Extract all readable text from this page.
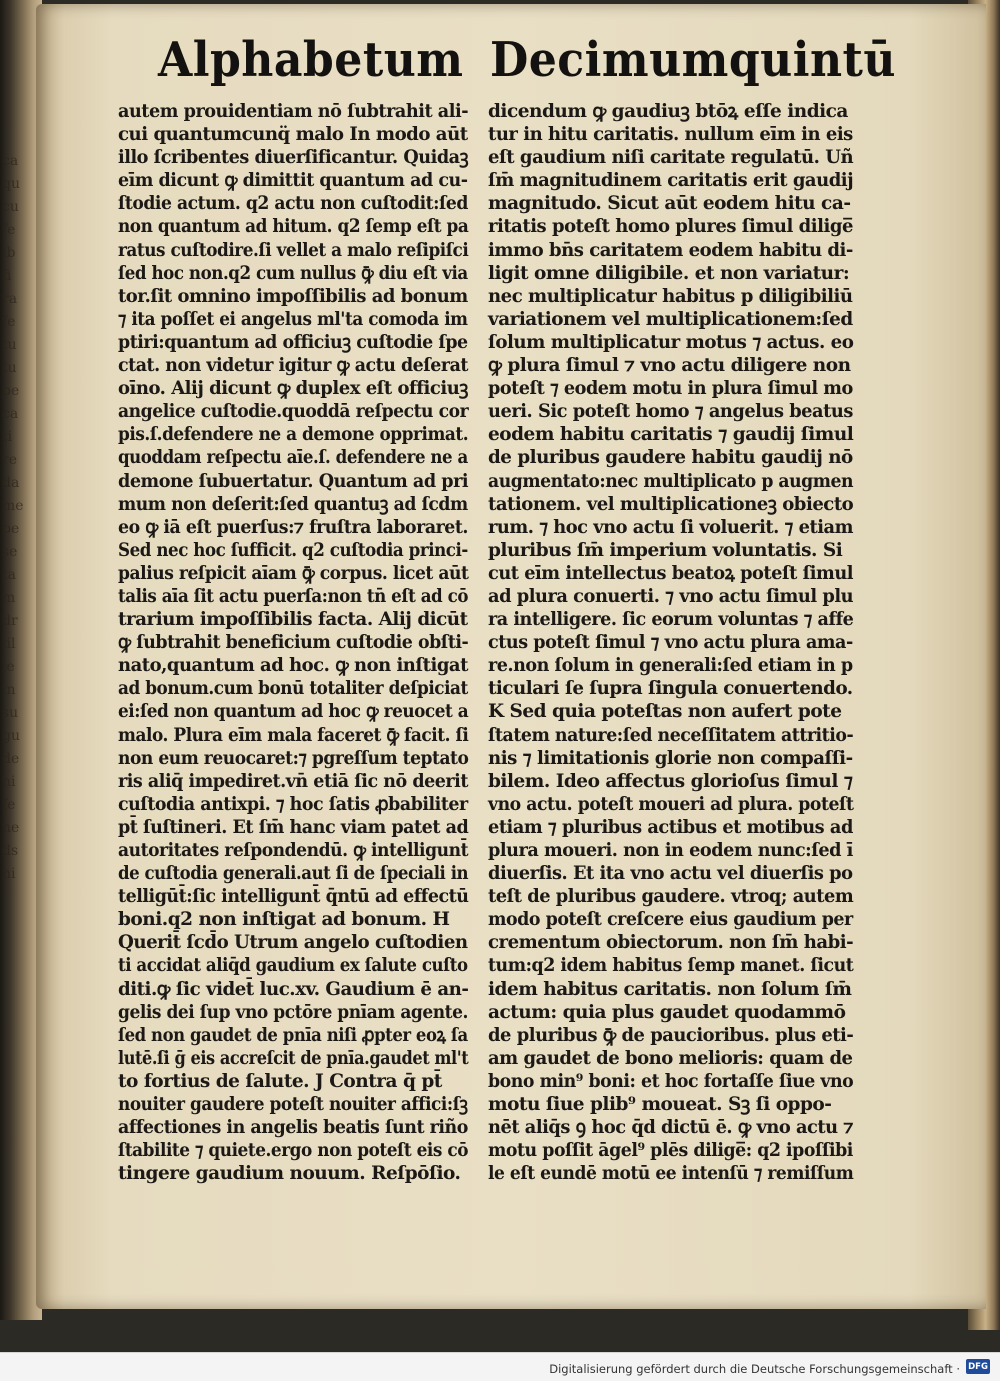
ca
qu
cu
fe
ib
fi
ra
fe
tu
tu
pe
ca
ti
re
da
me
be
se
ta
m
dr
lil
le
in
su
gu
de
ni
fe
ne
ds
ni
Alphabetum Decimumquintū
autem prouidentiam nō ſubtrahit ali-
cui quantumcunq̈ malo In modo aūt
illo ſcribentes diuerſificantur. Quidaꝫ
eīm dicunt ꝙ dimittit quantum ad cu-
ſtodie actum. q2 actu non cuſtodit:ſed
non quantum ad hitum. q2 ſemp eſt pa
ratus cuſtodire.ſi vellet a malo reſipiſci
ſed hoc non.q2 cum nullus ꝙ̄ diu eſt via
tor.ſit omnino impoſſibilis ad bonum
⁊ ita poſſet ei angelus ml'ta comoda im
ptiri:quantum ad officiuꝫ cuſtodie ſpe
ctat. non videtur igitur ꝙ actu deſerat
oīno. Alij dicunt ꝙ duplex eſt officiuꝫ
angelice cuſtodie.quoddā reſpectu cor
pis.ſ.defendere ne a demone opprimat.
quoddam reſpectu aīe.ſ. defendere ne a
demone ſubuertatur. Quantum ad pri
mum non deſerit:ſed quantuꝫ ad ſcdm
eo ꝙ iā eſt puerſus:⁊ fruſtra laboraret.
Sed nec hoc ſufficit. q2 cuſtodia princi-
palius reſpicit aīam ꝙ̄ corpus. licet aūt
talis aīa ſit actu puerſa:non tn̄ eſt ad cō
trarium impoſſibilis facta. Alij dicūt
ꝙ ſubtrahit beneficium cuſtodie obſti-
nato,quantum ad hoc. ꝙ non inſtigat
ad bonum.cum bonū totaliter deſpiciat
ei:ſed non quantum ad hoc ꝙ reuocet a
malo. Plura eīm mala faceret ꝙ̄ facit. ſi
non eum reuocaret:⁊ pgreſſum teptato
ris aliq̄ impediret.vn̄ etiā ſic nō deerit
cuſtodia antixpi. ⁊ hoc ſatis ꝓbabiliter
pt̄ ſuſtineri. Et ſm̄ hanc viam patet ad
autoritates reſpondendū. ꝙ intelligunt̄
de cuſtodia generali.aut ſi de ſpeciali in
telligūt̄:ſic intelligunt̄ q̄ntū ad effectū
boni.q2 non inſtigat ad bonum. H
Querit̄ ſcd̄o Utrum angelo cuſtodien
ti accidat aliq̄d gaudium ex ſalute cuſto
diti.ꝙ ſic videt̄ luc.xv. Gaudium ē an-
gelis dei ſup vno pctōre pnīam agente.
ſed non gaudet de pnīa niſi ꝓpter eoꝝ ſa
lutē.ſi ḡ eis accreſcit de pnīa.gaudet ml't
to fortius de ſalute. J Contra q̄ pt̄
nouiter gaudere poteſt nouiter affici:ſꝫ
affectiones in angelis beatis ſunt riño
ſtabilite ⁊ quiete.ergo non poteſt eis cō
tingere gaudium nouum. Reſpōſio.
dicendum ꝙ gaudiuꝫ btōꝝ eſſe indica
tur in hitu caritatis. nullum eīm in eis
eſt gaudium niſi caritate regulatū. Uñ
ſm̄ magnitudinem caritatis erit gaudij
magnitudo. Sicut aūt eodem hitu ca-
ritatis poteſt homo plures ſimul dilige̅
immo bn̄s caritatem eodem habitu di-
ligit omne diligibile. et non variatur:
nec multiplicatur habitus p diligibiliū
variationem vel multiplicationem:ſed
ſolum multiplicatur motus ⁊ actus. eo
ꝙ plura ſimul ⁊ vno actu diligere non
poteſt ⁊ eodem motu in plura ſimul mo
ueri. Sic poteſt homo ⁊ angelus beatus
eodem habitu caritatis ⁊ gaudij ſimul
de pluribus gaudere habitu gaudij nō
augmentato:nec multiplicato p augmen
tationem. vel multiplicationeꝫ obiecto
rum. ⁊ hoc vno actu ſi voluerit. ⁊ etiam
pluribus ſm̄ imperium voluntatis. Si
cut eīm intellectus beatoꝝ poteſt ſimul
ad plura conuerti. ⁊ vno actu ſimul plu
ra intelligere. ſic eorum voluntas ⁊ affe
ctus poteſt ſimul ⁊ vno actu plura ama-
re.non ſolum in generali:ſed etiam in p
ticulari ſe ſupra ſingula conuertendo.
K Sed quia poteſtas non aufert pote
ſtatem nature:ſed neceſſitatem attritio-
nis ⁊ limitationis glorie non compaſſi-
bilem. Ideo affectus glorioſus ſimul ⁊
vno actu. poteſt moueri ad plura. poteſt
etiam ⁊ pluribus actibus et motibus ad
plura moueri. non in eodem nunc:ſed ī
diuerſis. Et ita vno actu vel diuerſis po
teſt de pluribus gaudere. vtroq; autem
modo poteſt creſcere eius gaudium per
crementum obiectorum. non ſm̄ habi-
tum:q2 idem habitus ſemp manet. ſicut
idem habitus caritatis. non ſolum ſm̄
actum: quia plus gaudet quodammō
de pluribus ꝙ̄ de paucioribus. plus eti-
am gaudet de bono melioris: quam de
bono min⁹ boni: et hoc fortaſſe ſiue vno
motu ſiue plib⁹ moueat. Sꝫ ſi oppo-
nēt aliq̄s ꝯ hoc q̄d dictū ē. ꝙ vno actu ⁊
motu poſſit āgel⁹ plēs dilige̅: q2 ipoſſibi
le eſt eundē motū ee intenſū ⁊ remiſſum
Digitalisierung gefördert durch die Deutsche Forschungsgemeinschaft · DFG
